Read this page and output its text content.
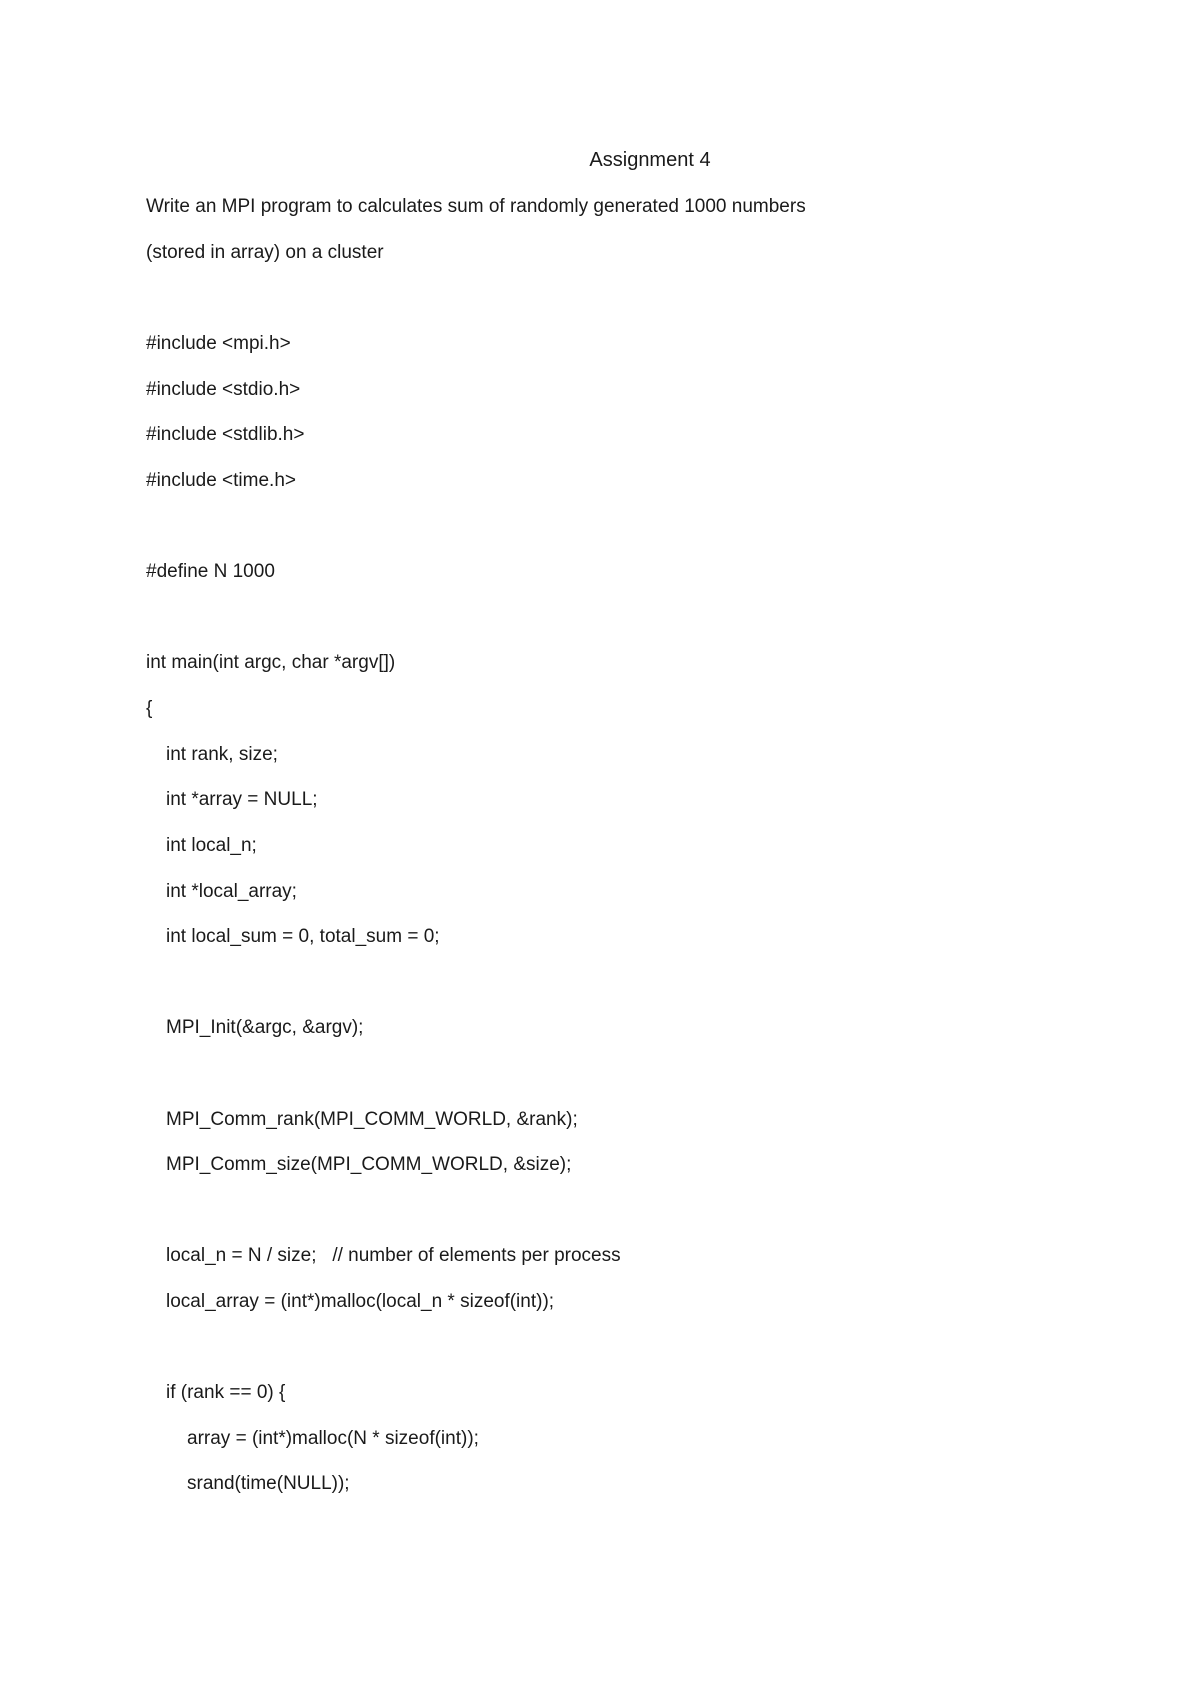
Assignment 4
Write an MPI program to calculates sum of randomly generated 1000 numbers
(stored in array) on a cluster
#include <mpi.h>
#include <stdio.h>
#include <stdlib.h>
#include <time.h>
#define N 1000
int main(int argc, char *argv[])
{
int rank, size;
int *array = NULL;
int local_n;
int *local_array;
int local_sum = 0, total_sum = 0;
MPI_Init(&argc, &argv);
MPI_Comm_rank(MPI_COMM_WORLD, &rank);
MPI_Comm_size(MPI_COMM_WORLD, &size);
local_n = N / size;   // number of elements per process
local_array = (int*)malloc(local_n * sizeof(int));
if (rank == 0) {
array = (int*)malloc(N * sizeof(int));
srand(time(NULL));
